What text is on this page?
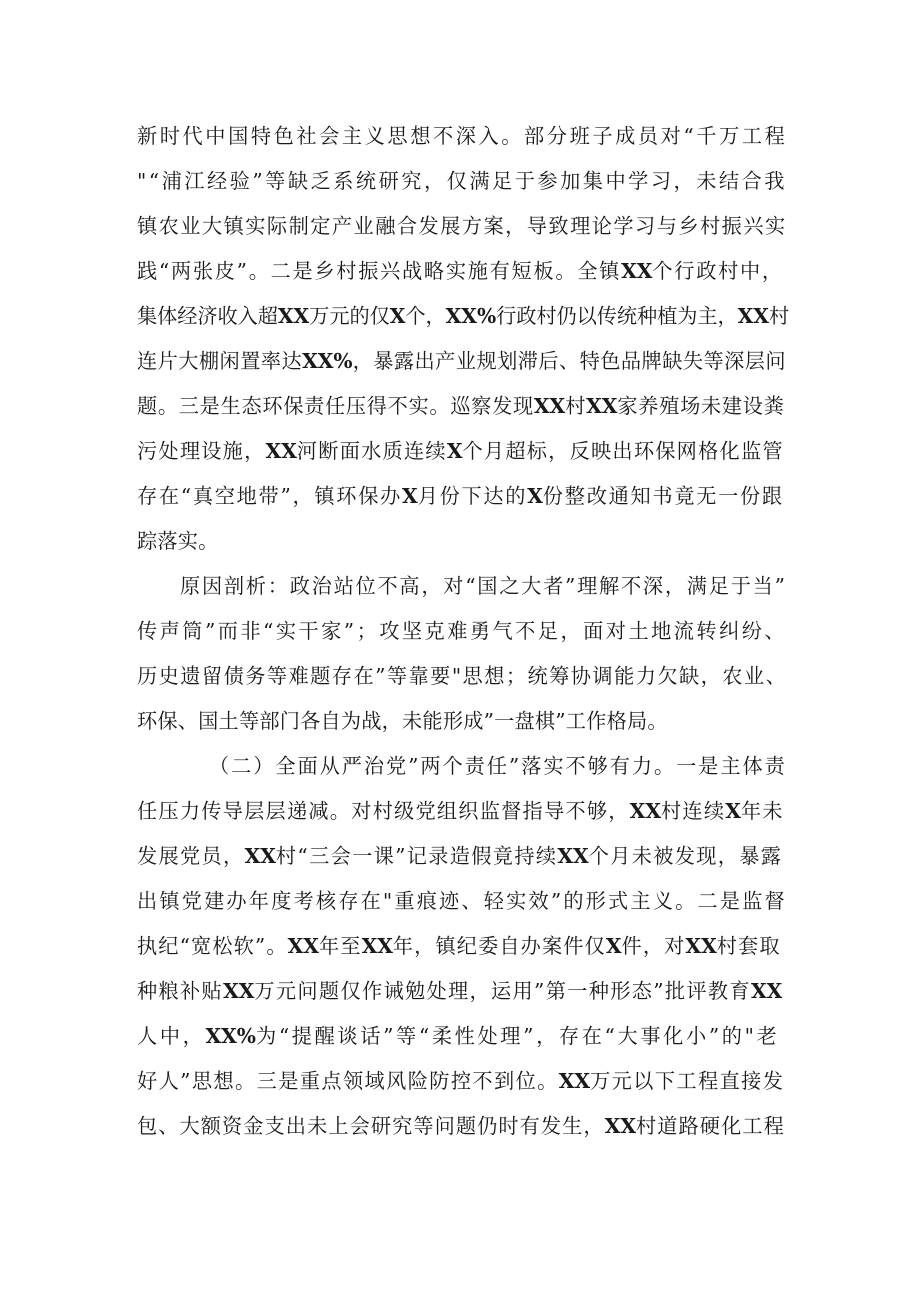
新时代中国特色社会主义思想不深入。部分班子成员对“千万工程
"“浦江经验”等缺乏系统研究，仅满足于参加集中学习，未结合我
镇农业大镇实际制定产业融合发展方案，导致理论学习与乡村振兴实
践“两张皮”。二是乡村振兴战略实施有短板。全镇XX个行政村中，
集体经济收入超XX万元的仅X个，XX%行政村仍以传统种植为主，XX村
连片大棚闲置率达XX%，暴露出产业规划滞后、特色品牌缺失等深层问
题。三是生态环保责任压得不实。巡察发现XX村XX家养殖场未建设粪
污处理设施，XX河断面水质连续X个月超标，反映出环保网格化监管
存在“真空地带”，镇环保办X月份下达的X份整改通知书竟无一份跟
踪落实。
原因剖析：政治站位不高，对“国之大者”理解不深，满足于当”
传声筒”而非“实干家”；攻坚克难勇气不足，面对土地流转纠纷、
历史遗留债务等难题存在”等靠要"思想；统筹协调能力欠缺，农业、
环保、国土等部门各自为战，未能形成”一盘棋”工作格局。
（二）全面从严治党”两个责任”落实不够有力。一是主体责
任压力传导层层递减。对村级党组织监督指导不够，XX村连续X年未
发展党员，XX村“三会一课”记录造假竟持续XX个月未被发现，暴露
出镇党建办年度考核存在"重痕迹、轻实效”的形式主义。二是监督
执纪“宽松软”。XX年至XX年，镇纪委自办案件仅X件，对XX村套取
种粮补贴XX万元问题仅作诫勉处理，运用”第一种形态”批评教育XX
人中，XX%为“提醒谈话”等“柔性处理”，存在“大事化小”的"老
好人”思想。三是重点领域风险防控不到位。XX万元以下工程直接发
包、大额资金支出未上会研究等问题仍时有发生，XX村道路硬化工程
